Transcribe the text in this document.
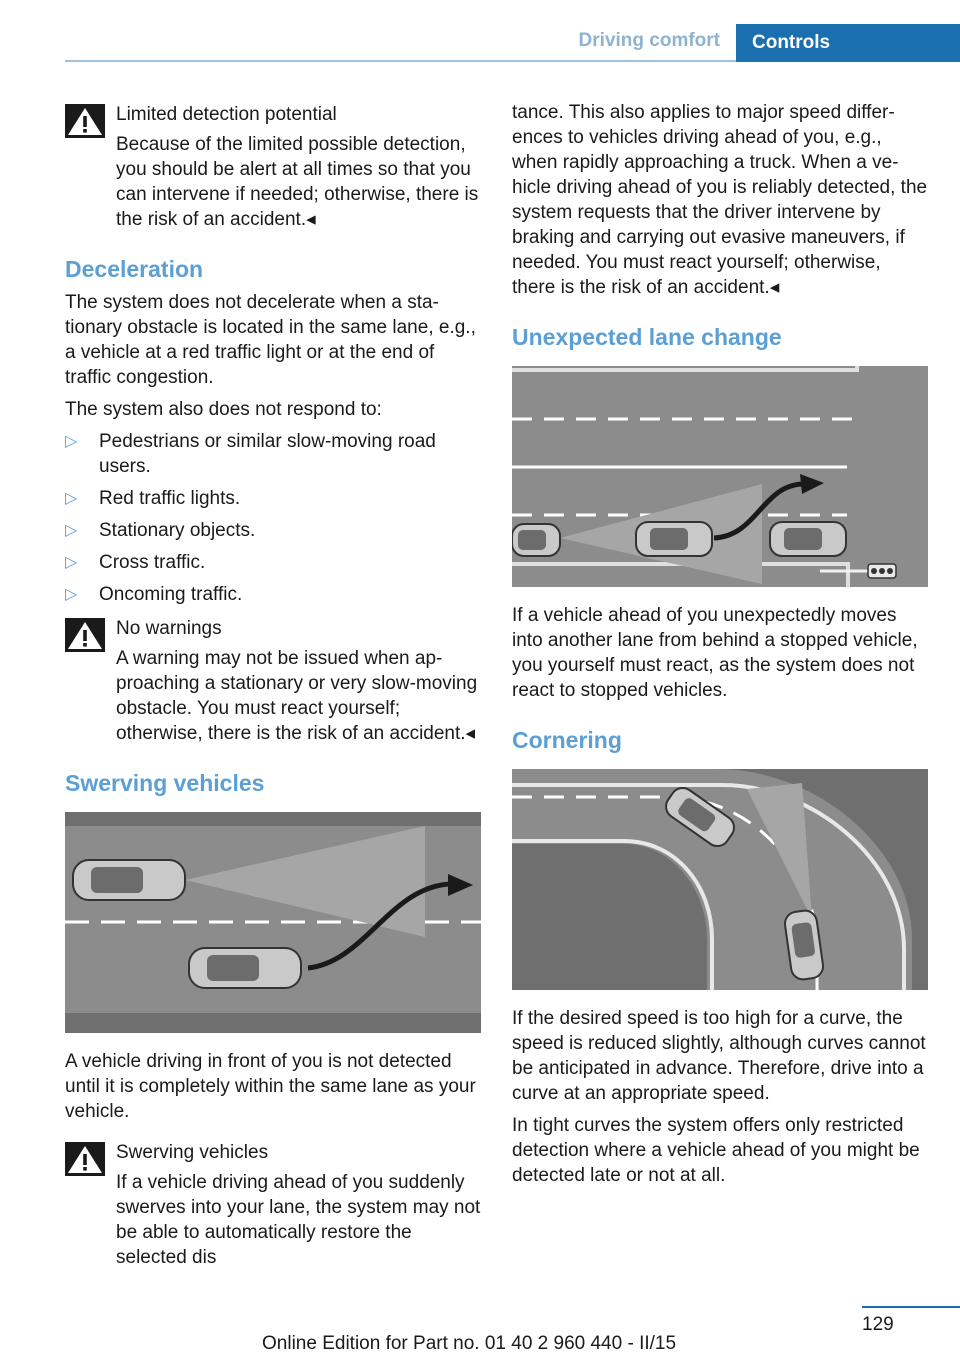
Driving comfort	Controls
Limited detection potential
Because of the limited possible detection, you should be alert at all times so that you can intervene if needed; otherwise, there is the risk of an accident.◂
Deceleration

The system does not decelerate when a stationary obstacle is located in the same lane, e.g., a vehicle at a red traffic light or at the end of traffic congestion.

The system also does not respond to:

▷ Pedestrians or similar slow-moving road users.
▷ Red traffic lights.
▷ Stationary objects.
▷ Cross traffic.
▷ Oncoming traffic.
No warnings
A warning may not be issued when approaching a stationary or very slow-moving obstacle. You must react yourself; otherwise, there is the risk of an accident.◂
Swerving vehicles

A vehicle driving in front of you is not detected until it is completely within the same lane as your vehicle.

Swerving vehicles
If a vehicle driving ahead of you suddenly swerves into your lane, the system may not be able to automatically restore the selected dis

tance. This also applies to major speed differences to vehicles driving ahead of you, e.g., when rapidly approaching a truck. When a vehicle driving ahead of you is reliably detected, the system requests that the driver intervene by braking and carrying out evasive maneuvers, if needed. You must react yourself; otherwise, there is the risk of an accident.◂

Unexpected lane change

If a vehicle ahead of you unexpectedly moves into another lane from behind a stopped vehicle, you yourself must react, as the system does not react to stopped vehicles.

Cornering

If the desired speed is too high for a curve, the speed is reduced slightly, although curves cannot be anticipated in advance. Therefore, drive into a curve at an appropriate speed.

In tight curves the system offers only restricted detection where a vehicle ahead of you might be detected late or not at all.

129
Online Edition for Part no. 01 40 2 960 440 - II/15
